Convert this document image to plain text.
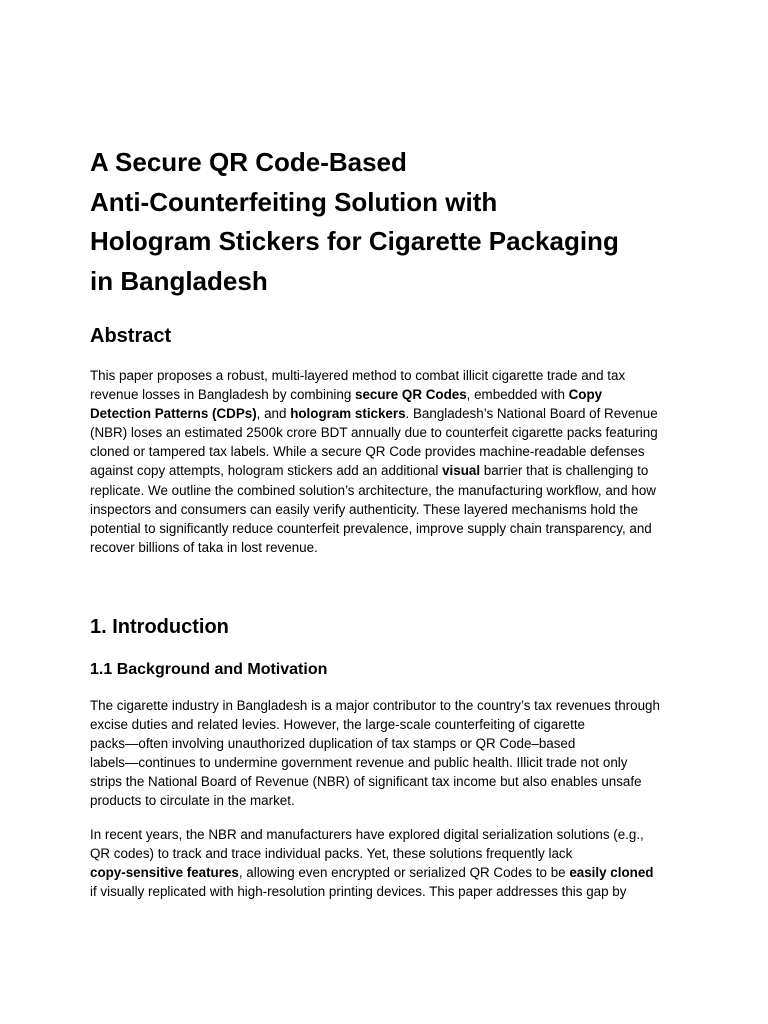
A Secure QR Code-Based
Anti-Counterfeiting Solution with
Hologram Stickers for Cigarette Packaging
in Bangladesh
Abstract

This paper proposes a robust, multi-layered method to combat illicit cigarette trade and tax
revenue losses in Bangladesh by combining secure QR Codes, embedded with Copy
Detection Patterns (CDPs), and hologram stickers. Bangladesh’s National Board of Revenue
(NBR) loses an estimated 2500k crore BDT annually due to counterfeit cigarette packs featuring
cloned or tampered tax labels. While a secure QR Code provides machine-readable defenses
against copy attempts, hologram stickers add an additional visual barrier that is challenging to
replicate. We outline the combined solution’s architecture, the manufacturing workflow, and how
inspectors and consumers can easily verify authenticity. These layered mechanisms hold the
potential to significantly reduce counterfeit prevalence, improve supply chain transparency, and
recover billions of taka in lost revenue.

1. Introduction
1.1 Background and Motivation

The cigarette industry in Bangladesh is a major contributor to the country’s tax revenues through
excise duties and related levies. However, the large-scale counterfeiting of cigarette
packs—often involving unauthorized duplication of tax stamps or QR Code–based
labels—continues to undermine government revenue and public health. Illicit trade not only
strips the National Board of Revenue (NBR) of significant tax income but also enables unsafe
products to circulate in the market.

In recent years, the NBR and manufacturers have explored digital serialization solutions (e.g.,
QR codes) to track and trace individual packs. Yet, these solutions frequently lack
copy-sensitive features, allowing even encrypted or serialized QR Codes to be easily cloned
if visually replicated with high-resolution printing devices. This paper addresses this gap by
